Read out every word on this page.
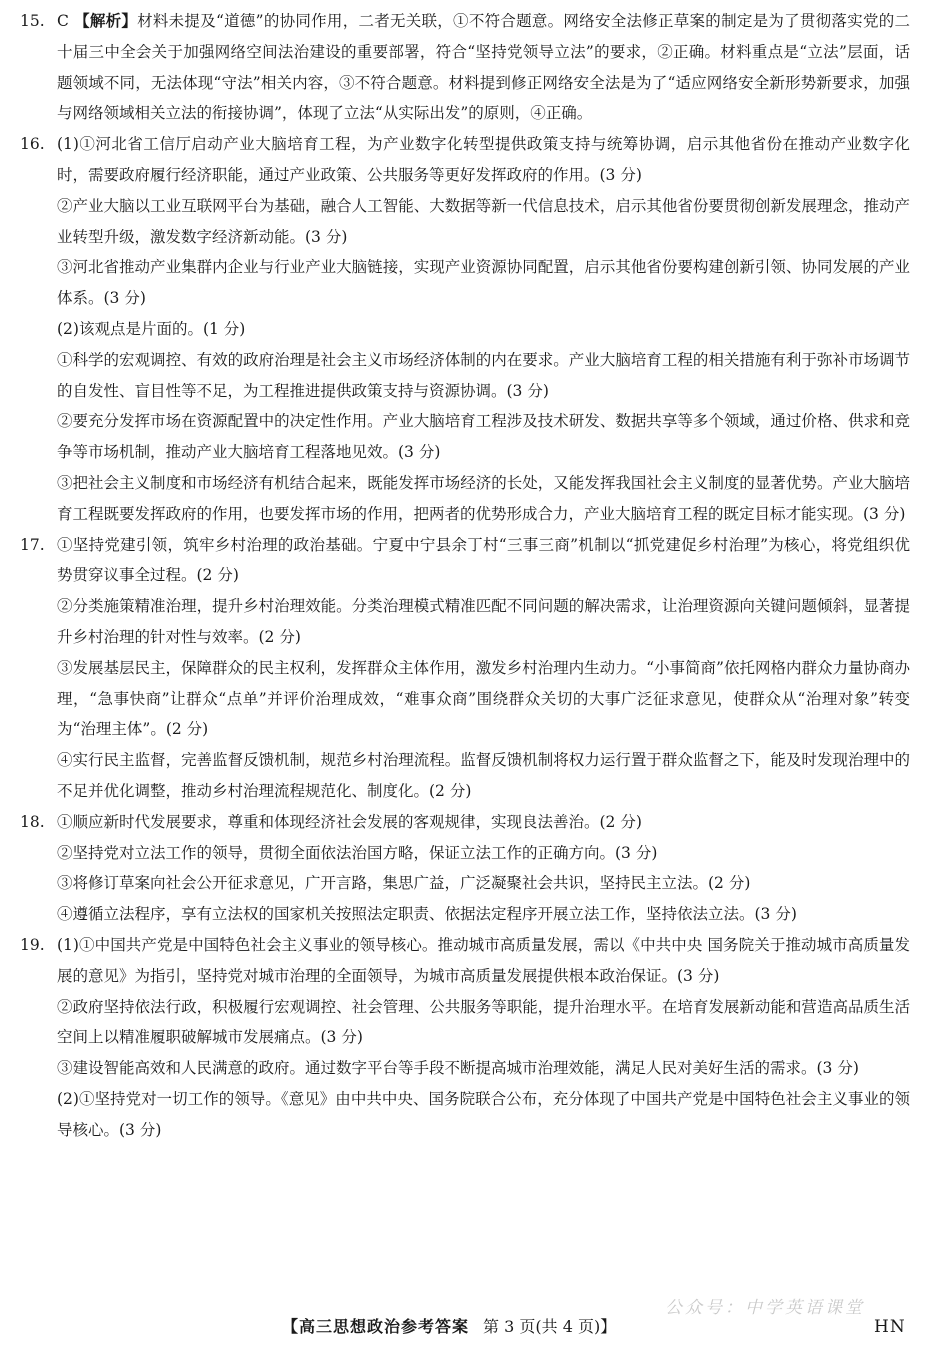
15. C 【解析】材料未提及“道德”的协同作用，二者无关联，①不符合题意。网络安全法修正草案的制定是为了贯彻落实党的二十届三中全会关于加强网络空间法治建设的重要部署，符合“坚持党领导立法”的要求，②正确。材料重点是“立法”层面，话题领域不同，无法体现“守法”相关内容，③不符合题意。材料提到修正网络安全法是为了“适应网络安全新形势新要求，加强与网络领域相关立法的衔接协调”，体现了立法“从实际出发”的原则，④正确。

16. (1)①河北省工信厅启动产业大脑培育工程，为产业数字化转型提供政策支持与统筹协调，启示其他省份在推动产业数字化时，需要政府履行经济职能，通过产业政策、公共服务等更好发挥政府的作用。(3 分)

②产业大脑以工业互联网平台为基础，融合人工智能、大数据等新一代信息技术，启示其他省份要贯彻创新发展理念，推动产业转型升级，激发数字经济新动能。(3 分)

③河北省推动产业集群内企业与行业产业大脑链接，实现产业资源协同配置，启示其他省份要构建创新引领、协同发展的产业体系。(3 分)

(2)该观点是片面的。(1 分)

①科学的宏观调控、有效的政府治理是社会主义市场经济体制的内在要求。产业大脑培育工程的相关措施有利于弥补市场调节的自发性、盲目性等不足，为工程推进提供政策支持与资源协调。(3 分)

②要充分发挥市场在资源配置中的决定性作用。产业大脑培育工程涉及技术研发、数据共享等多个领域，通过价格、供求和竞争等市场机制，推动产业大脑培育工程落地见效。(3 分)

③把社会主义制度和市场经济有机结合起来，既能发挥市场经济的长处，又能发挥我国社会主义制度的显著优势。产业大脑培育工程既要发挥政府的作用，也要发挥市场的作用，把两者的优势形成合力，产业大脑培育工程的既定目标才能实现。(3 分)

17. ①坚持党建引领，筑牢乡村治理的政治基础。宁夏中宁县余丁村“三事三商”机制以“抓党建促乡村治理”为核心，将党组织优势贯穿议事全过程。(2 分)

②分类施策精准治理，提升乡村治理效能。分类治理模式精准匹配不同问题的解决需求，让治理资源向关键问题倾斜，显著提升乡村治理的针对性与效率。(2 分)

③发展基层民主，保障群众的民主权利，发挥群众主体作用，激发乡村治理内生动力。“小事简商”依托网格内群众力量协商办理，“急事快商”让群众“点单”并评价治理成效，“难事众商”围绕群众关切的大事广泛征求意见，使群众从“治理对象”转变为“治理主体”。(2 分)

④实行民主监督，完善监督反馈机制，规范乡村治理流程。监督反馈机制将权力运行置于群众监督之下，能及时发现治理中的不足并优化调整，推动乡村治理流程规范化、制度化。(2 分)

18. ①顺应新时代发展要求，尊重和体现经济社会发展的客观规律，实现良法善治。(2 分)

②坚持党对立法工作的领导，贯彻全面依法治国方略，保证立法工作的正确方向。(3 分)

③将修订草案向社会公开征求意见，广开言路，集思广益，广泛凝聚社会共识，坚持民主立法。(2 分)

④遵循立法程序，享有立法权的国家机关按照法定职责、依据法定程序开展立法工作，坚持依法立法。(3 分)

19. (1)①中国共产党是中国特色社会主义事业的领导核心。推动城市高质量发展，需以《中共中央 国务院关于推动城市高质量发展的意见》为指引，坚持党对城市治理的全面领导，为城市高质量发展提供根本政治保证。(3 分)

②政府坚持依法行政，积极履行宏观调控、社会管理、公共服务等职能，提升治理水平。在培育发展新动能和营造高品质生活空间上以精准履职破解城市发展痛点。(3 分)

③建设智能高效和人民满意的政府。通过数字平台等手段不断提高城市治理效能，满足人民对美好生活的需求。(3 分)

(2)①坚持党对一切工作的领导。《意见》由中共中央、国务院联合公布，充分体现了中国共产党是中国特色社会主义事业的领导核心。(3 分)

公众号：中学英语课堂
【高三思想政治参考答案 第 3 页(共 4 页)】	HN
